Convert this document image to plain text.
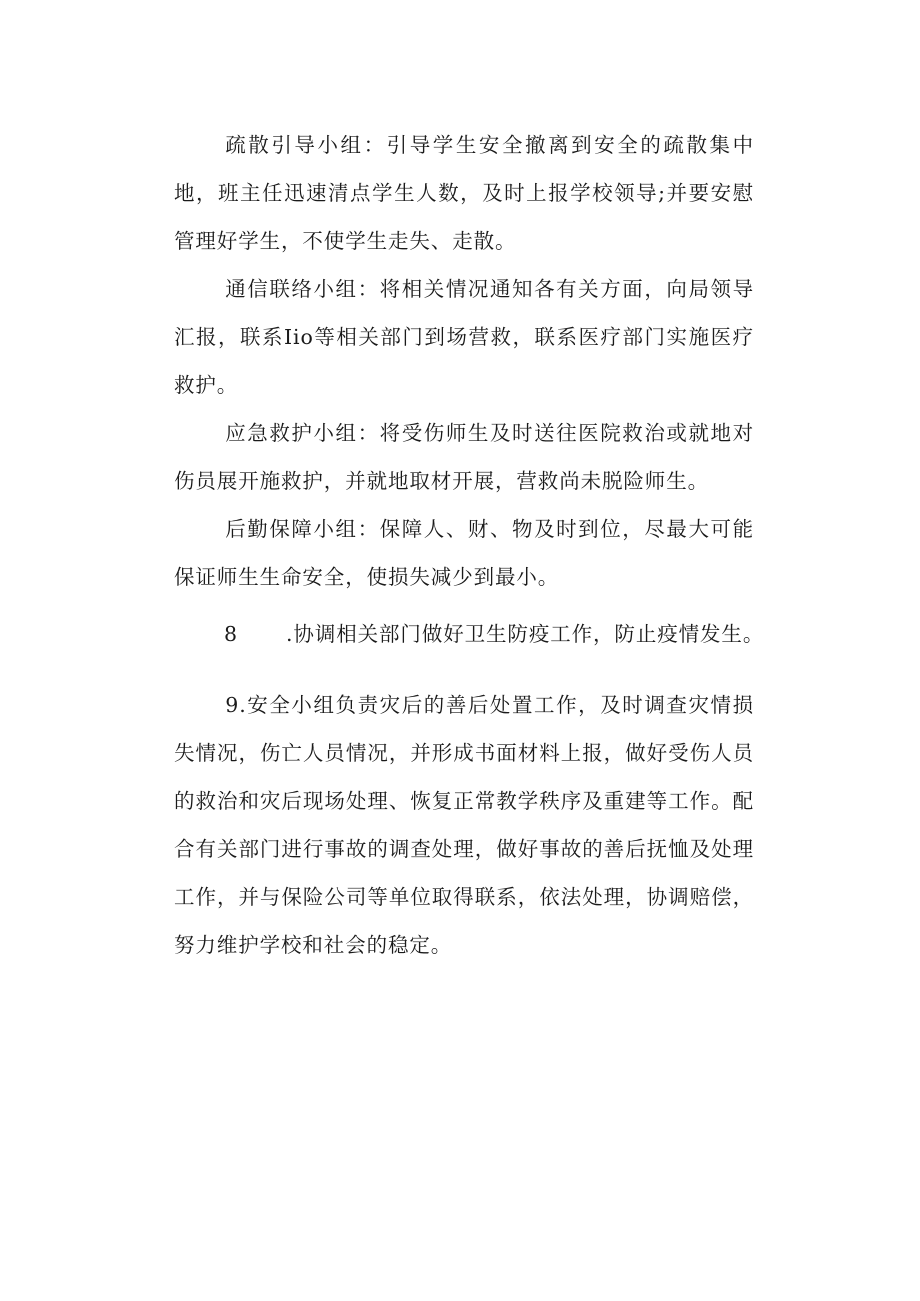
疏散引导小组：引导学生安全撤离到安全的疏散集中地，班主任迅速清点学生人数，及时上报学校领导;并要安慰管理好学生，不使学生走失、走散。

通信联络小组：将相关情况通知各有关方面，向局领导汇报，联系Iio等相关部门到场营救，联系医疗部门实施医疗救护。

应急救护小组：将受伤师生及时送往医院救治或就地对伤员展开施救护，并就地取材开展，营救尚未脱险师生。

后勤保障小组：保障人、财、物及时到位，尽最大可能保证师生生命安全，使损失减少到最小。

8 .协调相关部门做好卫生防疫工作，防止疫情发生。

9.安全小组负责灾后的善后处置工作，及时调查灾情损失情况，伤亡人员情况，并形成书面材料上报，做好受伤人员的救治和灾后现场处理、恢复正常教学秩序及重建等工作。配合有关部门进行事故的调查处理，做好事故的善后抚恤及处理工作，并与保险公司等单位取得联系，依法处理，协调赔偿，努力维护学校和社会的稳定。
